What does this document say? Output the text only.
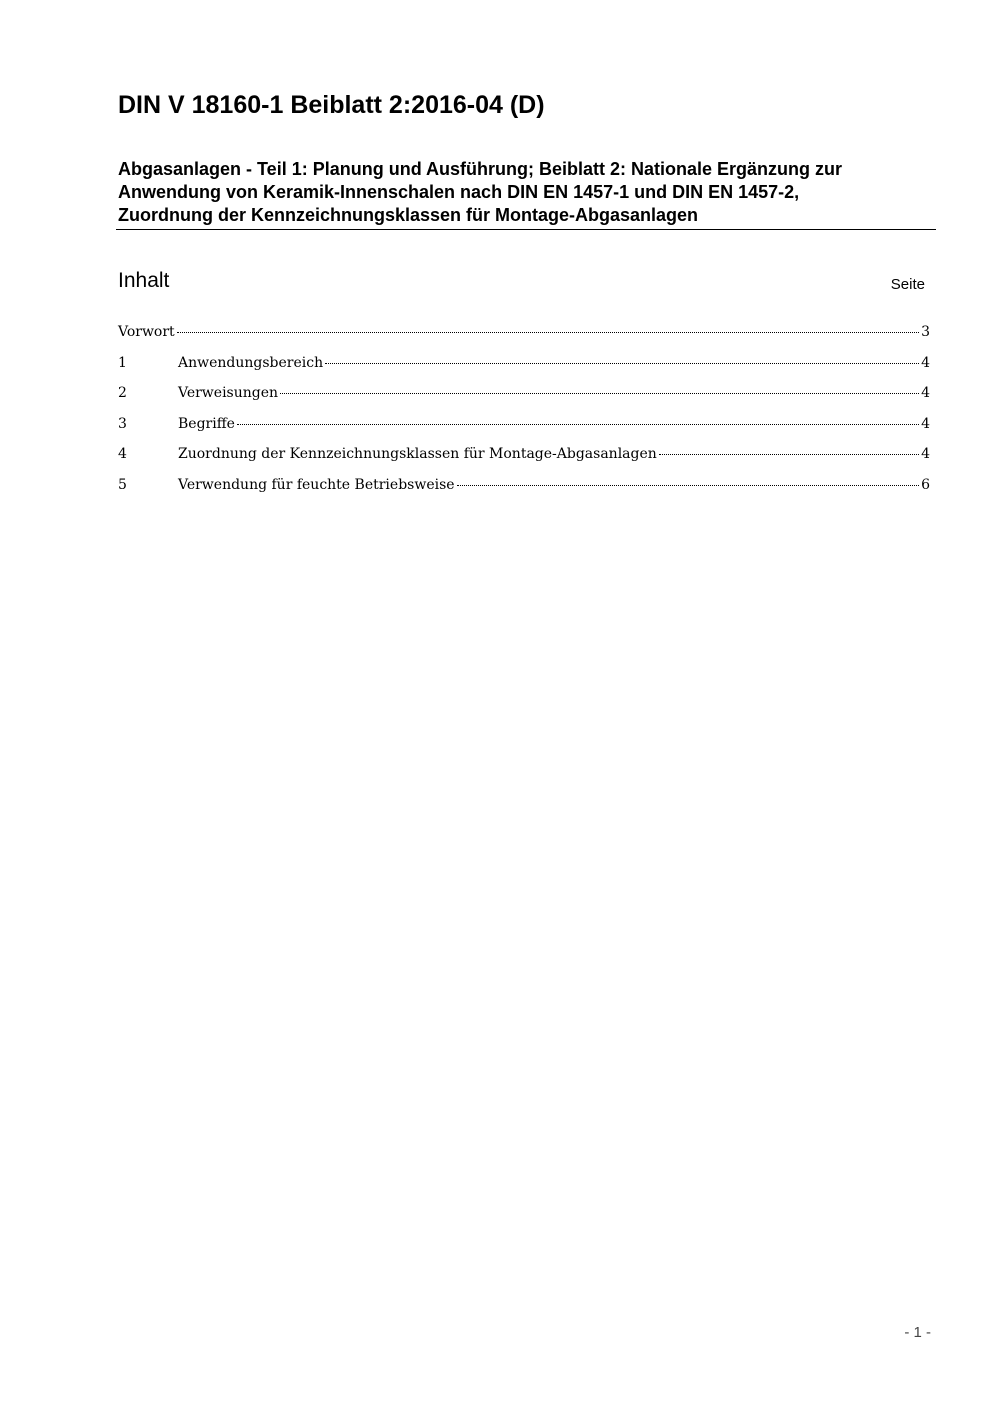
DIN V 18160-1 Beiblatt 2:2016-04 (D)
Abgasanlagen - Teil 1: Planung und Ausführung; Beiblatt 2: Nationale Ergänzung zur
Anwendung von Keramik-Innenschalen nach DIN EN 1457-1 und DIN EN 1457-2,
Zuordnung der Kennzeichnungsklassen für Montage-Abgasanlagen
Inhalt	Seite
Vorwort	3
1	Anwendungsbereich	4
2	Verweisungen	4
3	Begriffe	4
4	Zuordnung der Kennzeichnungsklassen für Montage-Abgasanlagen	4
5	Verwendung für feuchte Betriebsweise	6
- 1 -
